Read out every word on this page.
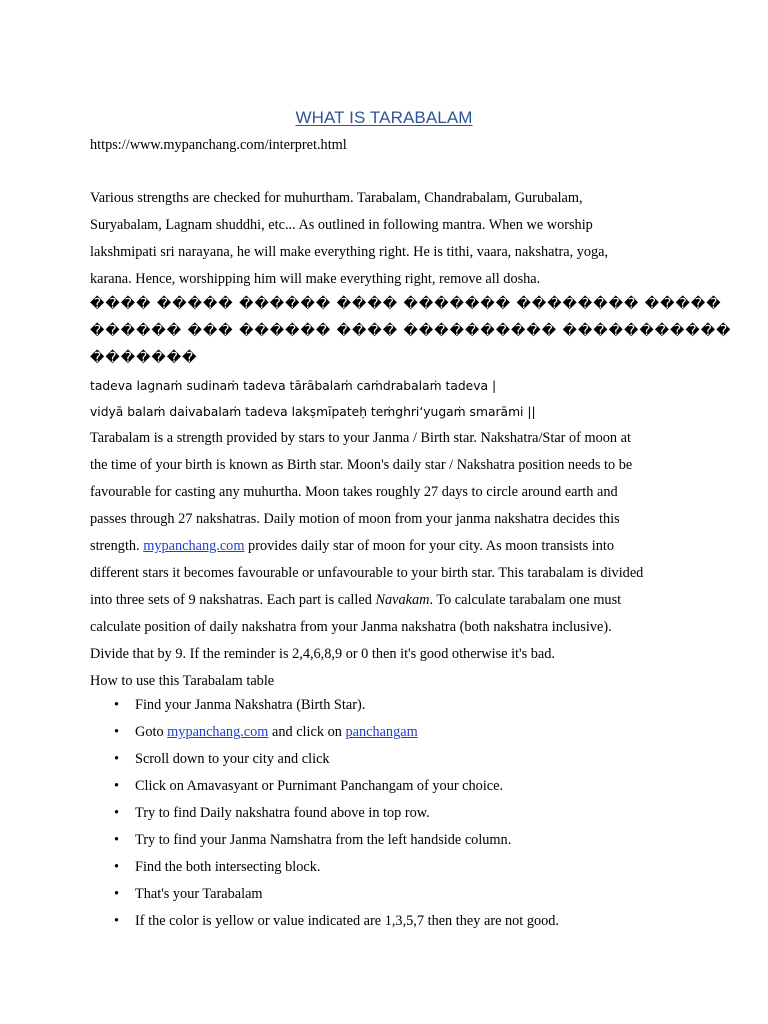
WHAT IS TARABALAM
https://www.mypanchang.com/interpret.html
Various strengths are checked for muhurtham. Tarabalam, Chandrabalam, Gurubalam,
Suryabalam, Lagnam shuddhi, etc... As outlined in following mantra. When we worship
lakshmipati sri narayana, he will make everything right. He is tithi, vaara, nakshatra, yoga,
karana. Hence, worshipping him will make everything right, remove all dosha.
���� ����� ������ ���� ������� �������� �����
������ ��� ������ ���� ���������� �����������
�������
tadeva lagnaṁ sudinaṁ tadeva tārābalaṁ caṁdrabalaṁ tadeva |
vidyā balaṁ daivabalaṁ tadeva lakṣmīpateḥ teṁghri‘yugaṁ smarāmi ||
Tarabalam is a strength provided by stars to your Janma / Birth star. Nakshatra/Star of moon at
the time of your birth is known as Birth star. Moon's daily star / Nakshatra position needs to be
favourable for casting any muhurtha. Moon takes roughly 27 days to circle around earth and
passes through 27 nakshatras. Daily motion of moon from your janma nakshatra decides this
strength. mypanchang.com provides daily star of moon for your city. As moon transists into
different stars it becomes favourable or unfavourable to your birth star. This tarabalam is divided
into three sets of 9 nakshatras. Each part is called Navakam. To calculate tarabalam one must
calculate position of daily nakshatra from your Janma nakshatra (both nakshatra inclusive).
Divide that by 9. If the reminder is 2,4,6,8,9 or 0 then it's good otherwise it's bad.
How to use this Tarabalam table
• Find your Janma Nakshatra (Birth Star).
• Goto mypanchang.com and click on panchangam
• Scroll down to your city and click
• Click on Amavasyant or Purnimant Panchangam of your choice.
• Try to find Daily nakshatra found above in top row.
• Try to find your Janma Namshatra from the left handside column.
• Find the both intersecting block.
• That's your Tarabalam
• If the color is yellow or value indicated are 1,3,5,7 then they are not good.
